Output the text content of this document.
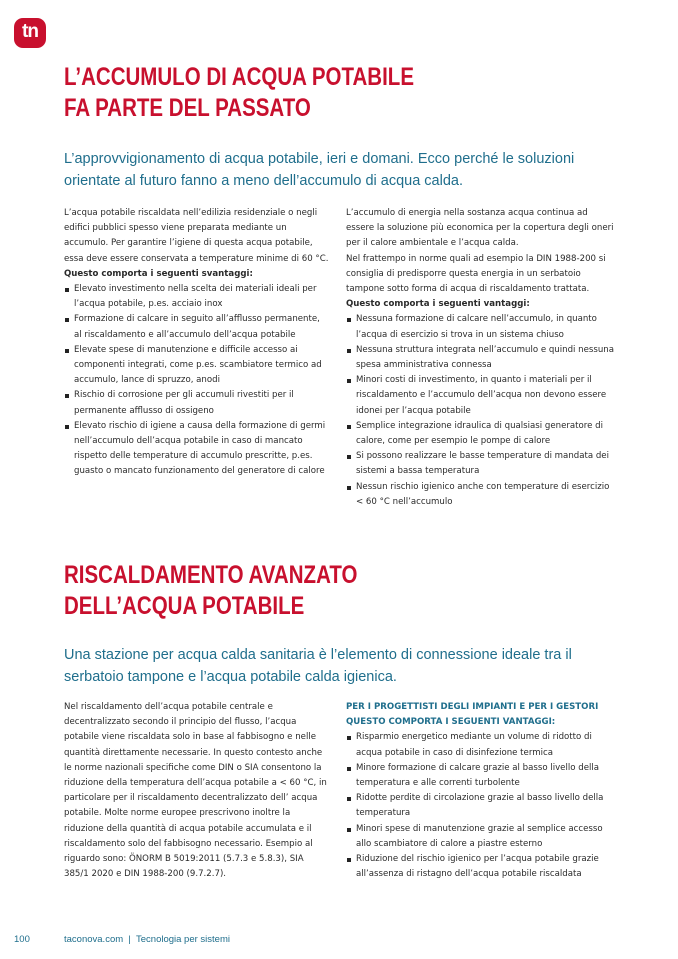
tn
L’ACCUMULO DI ACQUA POTABILE
FA PARTE DEL PASSATO

L’approvvigionamento di acqua potabile, ieri e domani. Ecco perché le soluzioni orientate al futuro fanno a meno dell’accumulo di acqua calda.

L’acqua potabile riscaldata nell’edilizia residenziale o negli edifici pubblici spesso viene preparata mediante un accumulo. Per garantire l’igiene di questa acqua potabile, essa deve essere conservata a temperature minime di 60 °C.

Questo comporta i seguenti svantaggi:

Elevato investimento nella scelta dei materiali ideali per l’acqua potabile, p.es. acciaio inox
Formazione di calcare in seguito all’afflusso permanente, al riscaldamento e all’accumulo dell’acqua potabile
Elevate spese di manutenzione e difficile accesso ai componenti integrati, come p.es. scambiatore termico ad accumulo, lance di spruzzo, anodi
Rischio di corrosione per gli accumuli rivestiti per il permanente afflusso di ossigeno
Elevato rischio di igiene a causa della formazione di germi nell’accumulo dell’acqua potabile in caso di mancato rispetto delle temperature di accumulo prescritte, p.es. guasto o mancato funzionamento del generatore di calore

L’accumulo di energia nella sostanza acqua continua ad essere la soluzione più economica per la copertura degli oneri per il calore ambientale e l’acqua calda.

Nel frattempo in norme quali ad esempio la DIN 1988-200 si consiglia di predisporre questa energia in un serbatoio tampone sotto forma di acqua di riscaldamento trattata.

Questo comporta i seguenti vantaggi:

Nessuna formazione di calcare nell’accumulo, in quanto l’acqua di esercizio si trova in un sistema chiuso
Nessuna struttura integrata nell’accumulo e quindi nessuna spesa amministrativa connessa
Minori costi di investimento, in quanto i materiali per il riscaldamento e l’accumulo dell’acqua non devono essere idonei per l’acqua potabile
Semplice integrazione idraulica di qualsiasi generatore di calore, come per esempio le pompe di calore
Si possono realizzare le basse temperature di mandata dei sistemi a bassa temperatura
Nessun rischio igienico anche con temperature di esercizio < 60 °C nell’accumulo
RISCALDAMENTO AVANZATO
DELL’ACQUA POTABILE

Una stazione per acqua calda sanitaria è l’elemento di connessione ideale tra il serbatoio tampone e l’acqua potabile calda igienica.

Nel riscaldamento dell’acqua potabile centrale e decentralizzato secondo il principio del flusso, l’acqua potabile viene riscaldata solo in base al fabbisogno e nelle quantità direttamente necessarie. In questo contesto anche le norme nazionali specifiche come DIN o SIA consentono la riduzione della temperatura dell’acqua potabile a < 60 °C, in particolare per il riscaldamento decentralizzato dell’ acqua potabile. Molte norme europee prescrivono inoltre la riduzione della quantità di acqua potabile accumulata e il riscaldamento solo del fabbisogno necessario. Esempio al riguardo sono: ÖNORM B 5019:2011 (5.7.3 e 5.8.3), SIA 385/1 2020 e DIN 1988-200 (9.7.2.7).

PER I PROGETTISTI DEGLI IMPIANTI E PER I GESTORI QUESTO COMPORTA I SEGUENTI VANTAGGI:

Risparmio energetico mediante un volume di ridotto di acqua potabile in caso di disinfezione termica
Minore formazione di calcare grazie al basso livello della temperatura e alle correnti turbolente
Ridotte perdite di circolazione grazie al basso livello della temperatura
Minori spese di manutenzione grazie al semplice accesso allo scambiatore di calore a piastre esterno
Riduzione del rischio igienico per l’acqua potabile grazie all’assenza di ristagno dell’acqua potabile riscaldata
100	taconova.com  |  Tecnologia per sistemi
